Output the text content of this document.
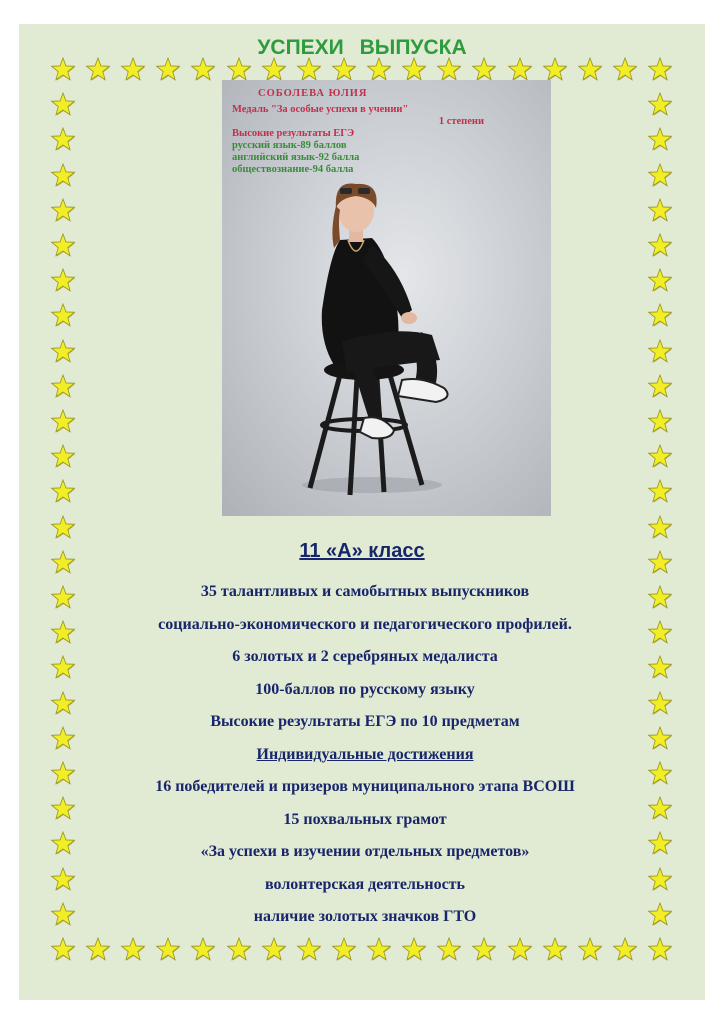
УСПЕХИ ВЫПУСКА
СОБОЛЕВА ЮЛИЯ
Медаль "За особые успехи в учении"
1 степени
Высокие результаты ЕГЭ
русский язык-89 баллов
английский язык-92 балла
обществознание-94 балла
11 «А» класс
35 талантливых и самобытных выпускников
социально-экономического и педагогического профилей.
6 золотых и 2 серебряных медалиста
100-баллов по русскому языку
Высокие результаты ЕГЭ по 10 предметам
Индивидуальные достижения
16 победителей и призеров муниципального этапа ВСОШ
15 похвальных грамот
«За успехи в изучении отдельных предметов»
волонтерская деятельность
наличие золотых значков ГТО
